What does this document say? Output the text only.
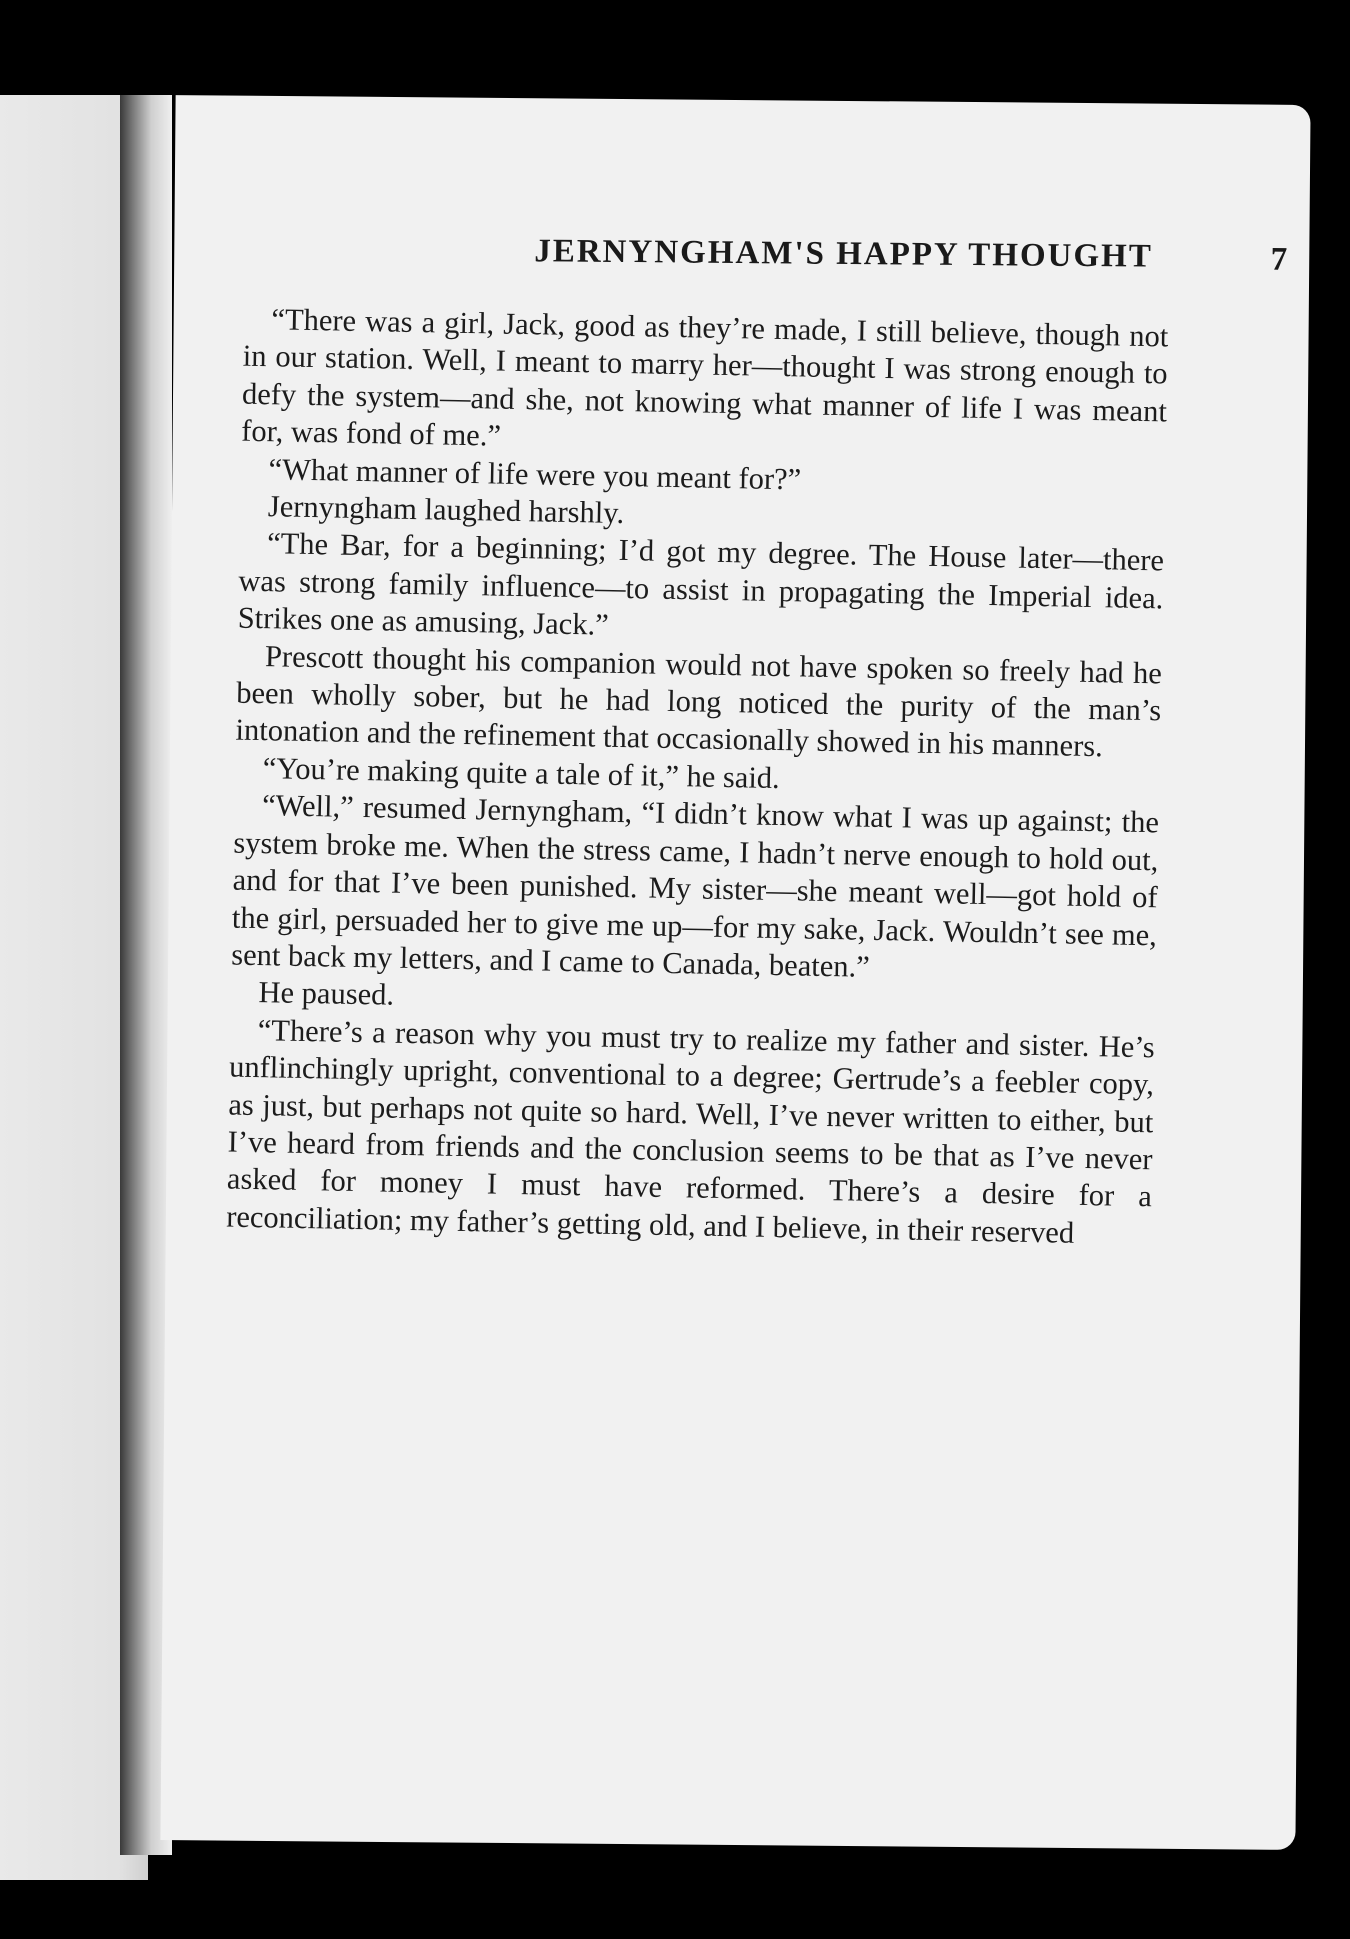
JERNYNGHAM'S HAPPY THOUGHT	7

“There was a girl, Jack, good as they’re made, I still believe, though not in our station. Well, I meant to marry her—thought I was strong enough to defy the system—and she, not knowing what manner of life I was meant for, was fond of me.”

“What manner of life were you meant for?”

Jernyngham laughed harshly.

“The Bar, for a beginning; I’d got my degree. The House later—there was strong family influence—to assist in propagating the Imperial idea. Strikes one as amusing, Jack.”

Prescott thought his companion would not have spoken so freely had he been wholly sober, but he had long noticed the purity of the man’s intonation and the refinement that occasionally showed in his manners.

“You’re making quite a tale of it,” he said.

“Well,” resumed Jernyngham, “I didn’t know what I was up against; the system broke me. When the stress came, I hadn’t nerve enough to hold out, and for that I’ve been punished. My sister—she meant well—got hold of the girl, persuaded her to give me up—for my sake, Jack. Wouldn’t see me, sent back my letters, and I came to Canada, beaten.”

He paused.

“There’s a reason why you must try to realize my father and sister. He’s unflinchingly upright, conventional to a degree; Gertrude’s a feebler copy, as just, but perhaps not quite so hard. Well, I’ve never written to either, but I’ve heard from friends and the conclusion seems to be that as I’ve never asked for money I must have reformed. There’s a desire for a reconciliation; my father’s getting old, and I believe, in their reserved
